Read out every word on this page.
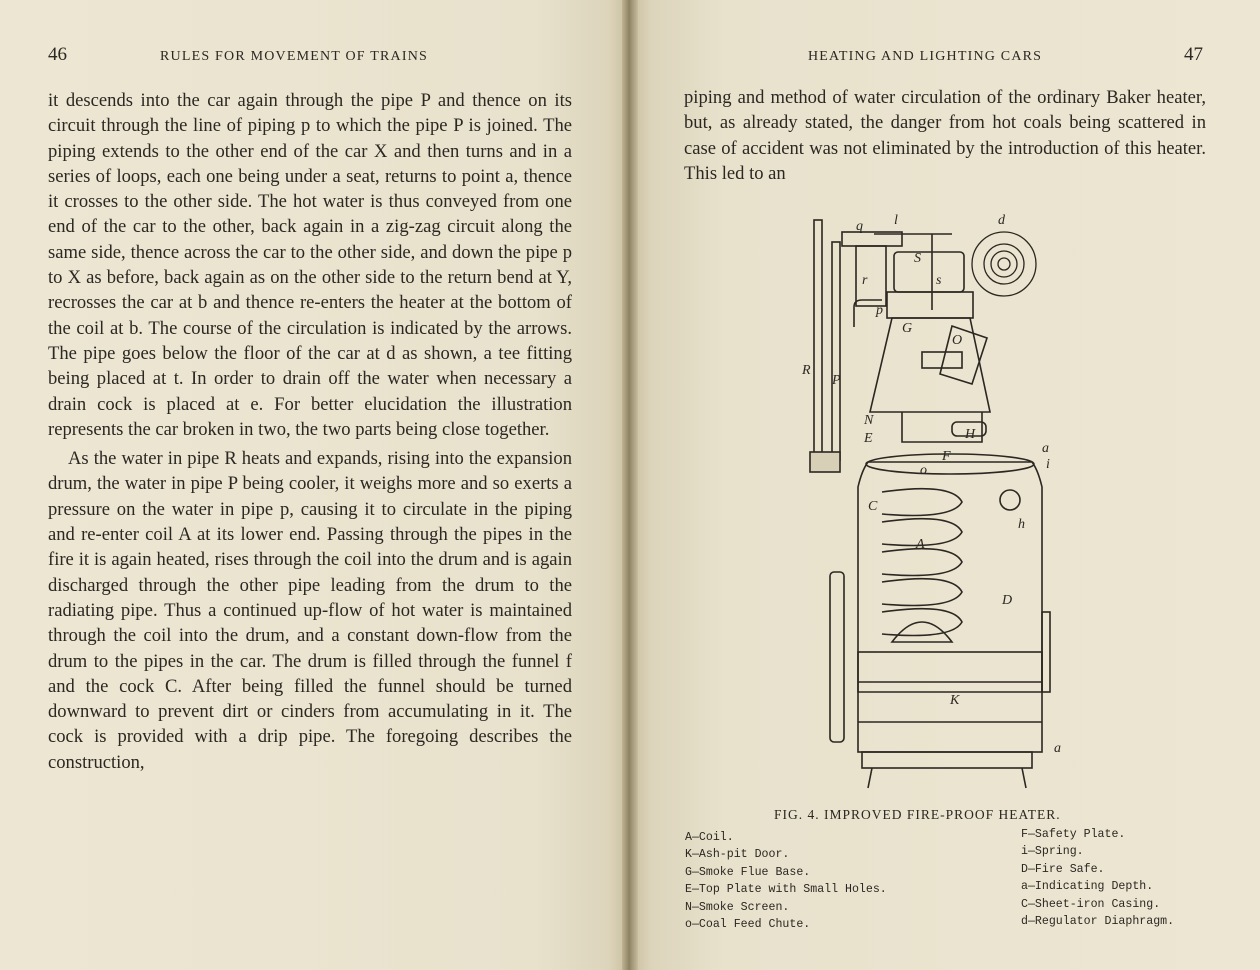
46	RULES FOR MOVEMENT OF TRAINS

it descends into the car again through the pipe P and thence on its circuit through the line of piping p to which the pipe P is joined. The piping extends to the other end of the car X and then turns and in a series of loops, each one being under a seat, returns to point a, thence it crosses to the other side. The hot water is thus conveyed from one end of the car to the other, back again in a zig-zag circuit along the same side, thence across the car to the other side, and down the pipe p to X as before, back again as on the other side to the return bend at Y, recrosses the car at b and thence re-enters the heater at the bottom of the coil at b. The course of the circulation is indicated by the arrows. The pipe goes below the floor of the car at d as shown, a tee fitting being placed at t. In order to drain off the water when necessary a drain cock is placed at e. For better elucidation the illustration represents the car broken in two, the two parts being close together.

As the water in pipe R heats and expands, rising into the expansion drum, the water in pipe P being cooler, it weighs more and so exerts a pressure on the water in pipe p, causing it to circulate in the piping and re-enter coil A at its lower end. Passing through the pipes in the fire it is again heated, rises through the coil into the drum and is again discharged through the other pipe leading from the drum to the radiating pipe. Thus a continued up-flow of hot water is maintained through the coil into the drum, and a constant down-flow from the drum to the pipes in the car. The drum is filled through the funnel f and the cock C. After being filled the funnel should be turned downward to prevent dirt or cinders from accumulating in it. The cock is provided with a drip pipe. The foregoing describes the construction,

HEATING AND LIGHTING CARS	47

piping and method of water circulation of the ordinary Baker heater, but, as already stated, the danger from hot coals being scattered in case of accident was not eliminated by the introduction of this heater. This led to an

q l	d
S
s
r
p
G
O
R
P
N
E	H
a
F
o	i
C
h
A
D
K
a
FIG. 4. IMPROVED FIRE-PROOF HEATER.
A—Coil.
K—Ash-pit Door.
G—Smoke Flue Base.
E—Top Plate with Small Holes.
N—Smoke Screen.
o—Coal Feed Chute.
F—Safety Plate.
i—Spring.
D—Fire Safe.
a—Indicating Depth.
C—Sheet-iron Casing.
d—Regulator Diaphragm.
